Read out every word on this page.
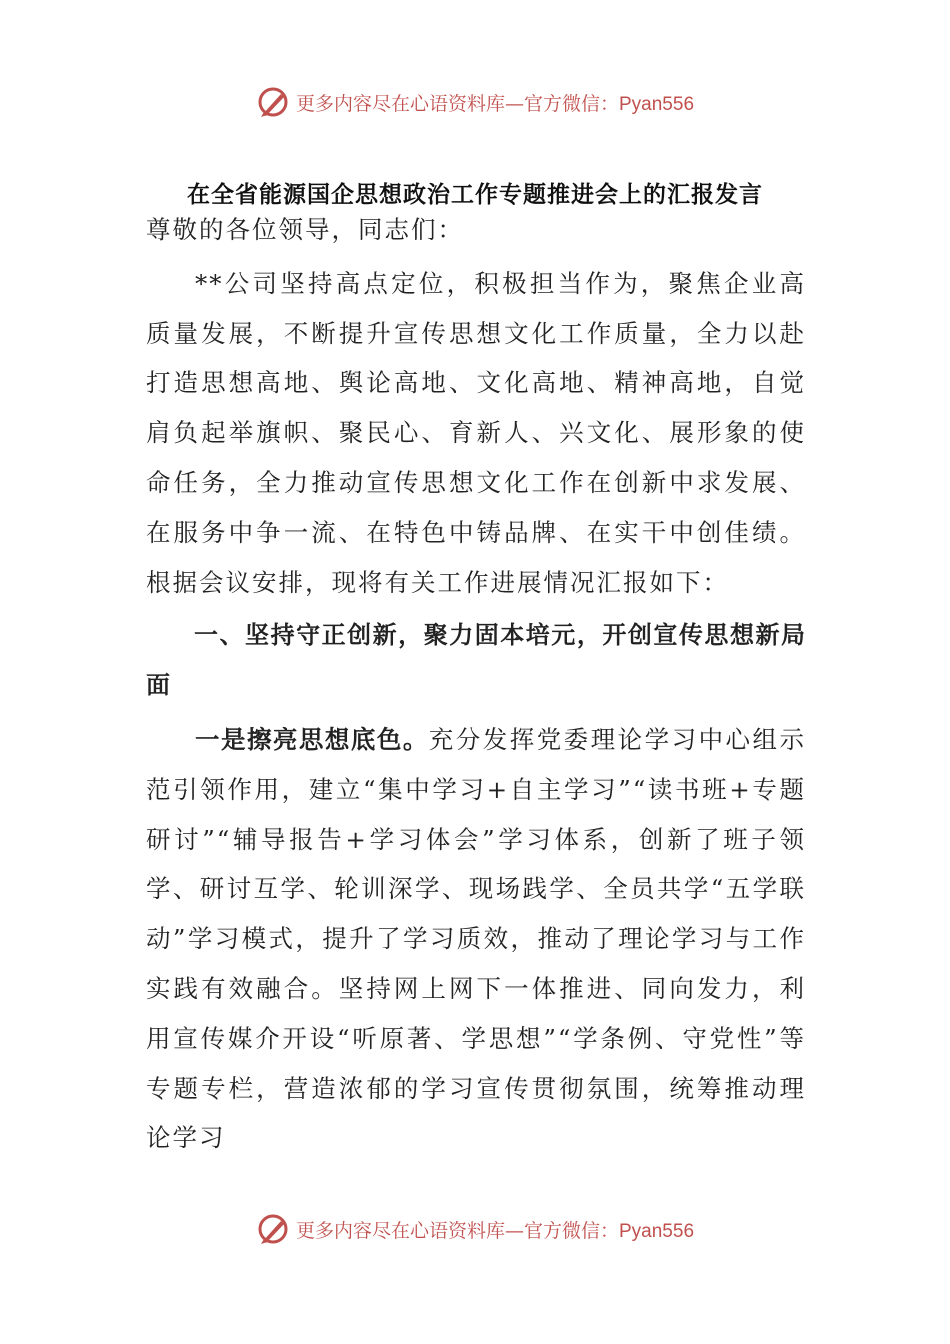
更多内容尽在心语资料库—官方微信：Pyan556
在全省能源国企思想政治工作专题推进会上的汇报发言

尊敬的各位领导，同志们：

**公司坚持高点定位，积极担当作为，聚焦企业高质量发展，不断提升宣传思想文化工作质量，全力以赴打造思想高地、舆论高地、文化高地、精神高地，自觉肩负起举旗帜、聚民心、育新人、兴文化、展形象的使命任务，全力推动宣传思想文化工作在创新中求发展、在服务中争一流、在特色中铸品牌、在实干中创佳绩。根据会议安排，现将有关工作进展情况汇报如下：

一、坚持守正创新，聚力固本培元，开创宣传思想新局面

一是擦亮思想底色。充分发挥党委理论学习中心组示范引领作用，建立“集中学习+自主学习”“读书班+专题研讨”“辅导报告+学习体会”学习体系，创新了班子领学、研讨互学、轮训深学、现场践学、全员共学“五学联动”学习模式，提升了学习质效，推动了理论学习与工作实践有效融合。坚持网上网下一体推进、同向发力，利用宣传媒介开设“听原著、学思想”“学条例、守党性”等专题专栏，营造浓郁的学习宣传贯彻氛围，统筹推动理论学习

更多内容尽在心语资料库—官方微信：Pyan556
